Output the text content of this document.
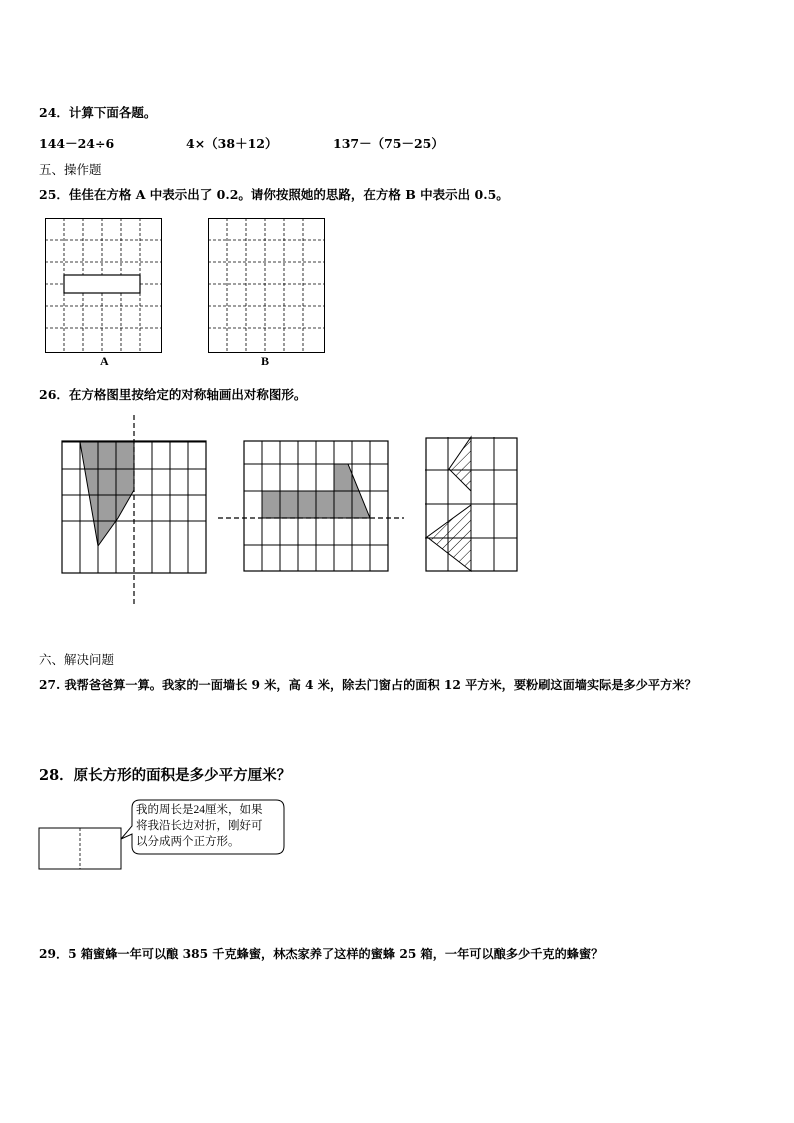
24．计算下面各题。
144－24÷6	4×（38＋12）	137－（75－25）
五、操作题
25．佳佳在方格 A 中表示出了 0.2。请你按照她的思路，在方格 B 中表示出 0.5。
A	B
26．在方格图里按给定的对称轴画出对称图形。
六、解决问题
27. 我帮爸爸算一算。我家的一面墙长 9 米，高 4 米，除去门窗占的面积 12 平方米，要粉刷这面墙实际是多少平方米？
28．原长方形的面积是多少平方厘米？
我的周长是24厘米，如果
将我沿长边对折，刚好可
以分成两个正方形。
29．5 箱蜜蜂一年可以酿 385 千克蜂蜜，林杰家养了这样的蜜蜂 25 箱，一年可以酿多少千克的蜂蜜？
